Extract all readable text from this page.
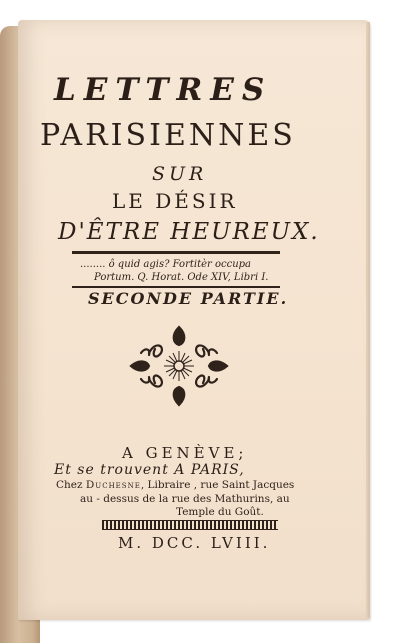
LETTRES
PARISIENNES
SUR
LE DÉSIR
D'ÊTRE HEUREUX.
........ ô quid agis? Fortitèr occupa
Portum. Q. Horat. Ode XIV, Libri I.
SECONDE PARTIE.
A GENÈVE;
Et se trouvent A PARIS,
Chez Duchesne, Libraire , rue Saint Jacques
au - dessus de la rue des Mathurins, au
Temple du Goût.
M. DCC. LVIII.
